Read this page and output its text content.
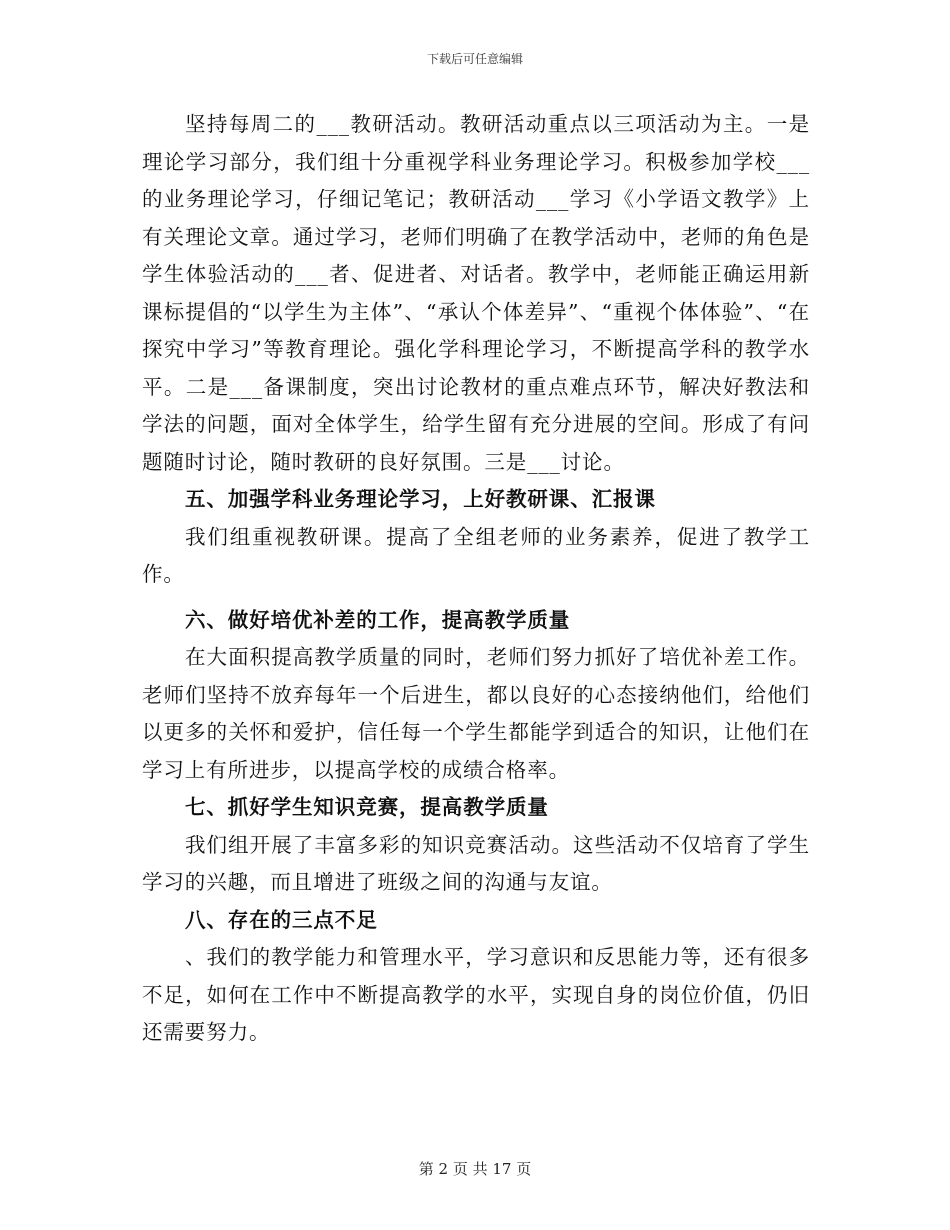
下载后可任意编辑

坚持每周二的___教研活动。教研活动重点以三项活动为主。一是理论学习部分，我们组十分重视学科业务理论学习。积极参加学校___的业务理论学习，仔细记笔记；教研活动___学习《小学语文教学》上有关理论文章。通过学习，老师们明确了在教学活动中，老师的角色是学生体验活动的___者、促进者、对话者。教学中，老师能正确运用新课标提倡的“以学生为主体”、“承认个体差异”、“重视个体体验”、“在探究中学习”等教育理论。强化学科理论学习，不断提高学科的教学水平。二是___备课制度，突出讨论教材的重点难点环节，解决好教法和学法的问题，面对全体学生，给学生留有充分进展的空间。形成了有问题随时讨论，随时教研的良好氛围。三是___讨论。

五、加强学科业务理论学习，上好教研课、汇报课

我们组重视教研课。提高了全组老师的业务素养，促进了教学工作。

六、做好培优补差的工作，提高教学质量

在大面积提高教学质量的同时，老师们努力抓好了培优补差工作。老师们坚持不放弃每年一个后进生，都以良好的心态接纳他们，给他们以更多的关怀和爱护，信任每一个学生都能学到适合的知识，让他们在学习上有所进步，以提高学校的成绩合格率。

七、抓好学生知识竞赛，提高教学质量

我们组开展了丰富多彩的知识竞赛活动。这些活动不仅培育了学生学习的兴趣，而且增进了班级之间的沟通与友谊。

八、存在的三点不足

、我们的教学能力和管理水平，学习意识和反思能力等，还有很多不足，如何在工作中不断提高教学的水平，实现自身的岗位价值，仍旧还需要努力。

第 2 页 共 17 页
